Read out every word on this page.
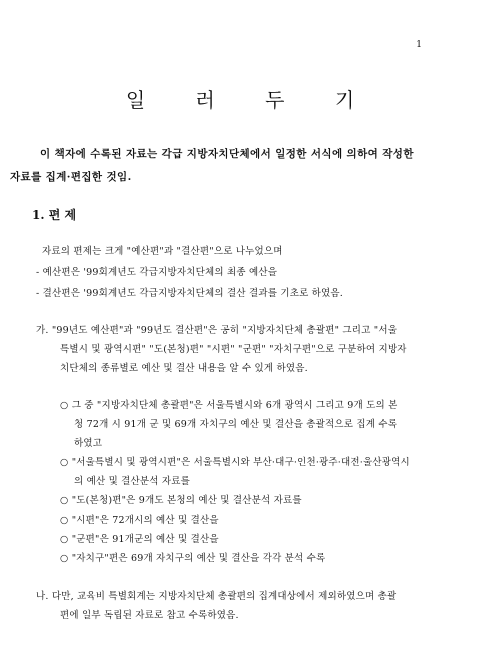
1
일 러 두 기
이 책자에 수록된 자료는 각급 지방자치단체에서 일정한 서식에 의하여 작성한
자료를 집계·편집한 것임.
1. 편 제
자료의 편제는 크게 "예산편"과 "결산편"으로 나누었으며
- 예산편은 '99회계년도 각급지방자치단체의 최종 예산을
- 결산편은 '99회계년도 각급지방자치단체의 결산 결과를 기초로 하였음.
가. "99년도 예산편"과 "99년도 결산편"은 공히 "지방자치단체 총괄편" 그리고 "서울
특별시 및 광역시편" "도(본청)편" "시편" "군편" "자치구편"으로 구분하여 지방자
치단체의 종류별로 예산 및 결산 내용을 알 수 있게 하였음.
○ 그 중 "지방자치단체 총괄편"은 서울특별시와 6개 광역시 그리고 9개 도의 본
청 72개 시 91개 군 및 69개 자치구의 예산 및 결산을 총괄적으로 집계 수록
하였고
○ "서울특별시 및 광역시편"은 서울특별시와 부산·대구·인천·광주·대전·울산광역시
의 예산 및 결산분석 자료를
○ "도(본청)편"은 9개도 본청의 예산 및 결산분석 자료를
○ "시편"은 72개시의 예산 및 결산을
○ "군편"은 91개군의 예산 및 결산을
○ "자치구"편은 69개 자치구의 예산 및 결산을 각각 분석 수록
나. 다만, 교육비 특별회계는 지방자치단체 총괄편의 집계대상에서 제외하였으며 총괄
편에 일부 독립된 자료로 참고 수록하였음.
